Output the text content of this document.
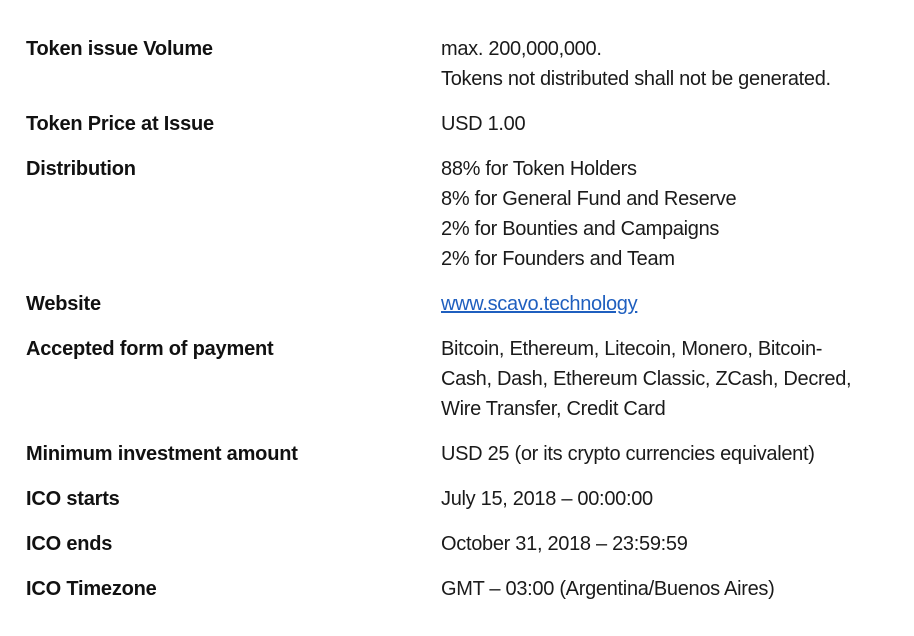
Token issue Volume	max. 200,000,000.
Tokens not distributed shall not be generated.
Token Price at Issue	USD 1.00
Distribution	88% for Token Holders
8% for General Fund and Reserve
2% for Bounties and Campaigns
2% for Founders and Team
Website	www.scavo.technology
Accepted form of payment	Bitcoin, Ethereum, Litecoin, Monero, Bitcoin-
Cash, Dash, Ethereum Classic, ZCash, Decred,
Wire Transfer, Credit Card
Minimum investment amount	USD 25 (or its crypto currencies equivalent)
ICO starts	July 15, 2018 – 00:00:00
ICO ends	October 31, 2018 – 23:59:59
ICO Timezone	GMT – 03:00 (Argentina/Buenos Aires)
